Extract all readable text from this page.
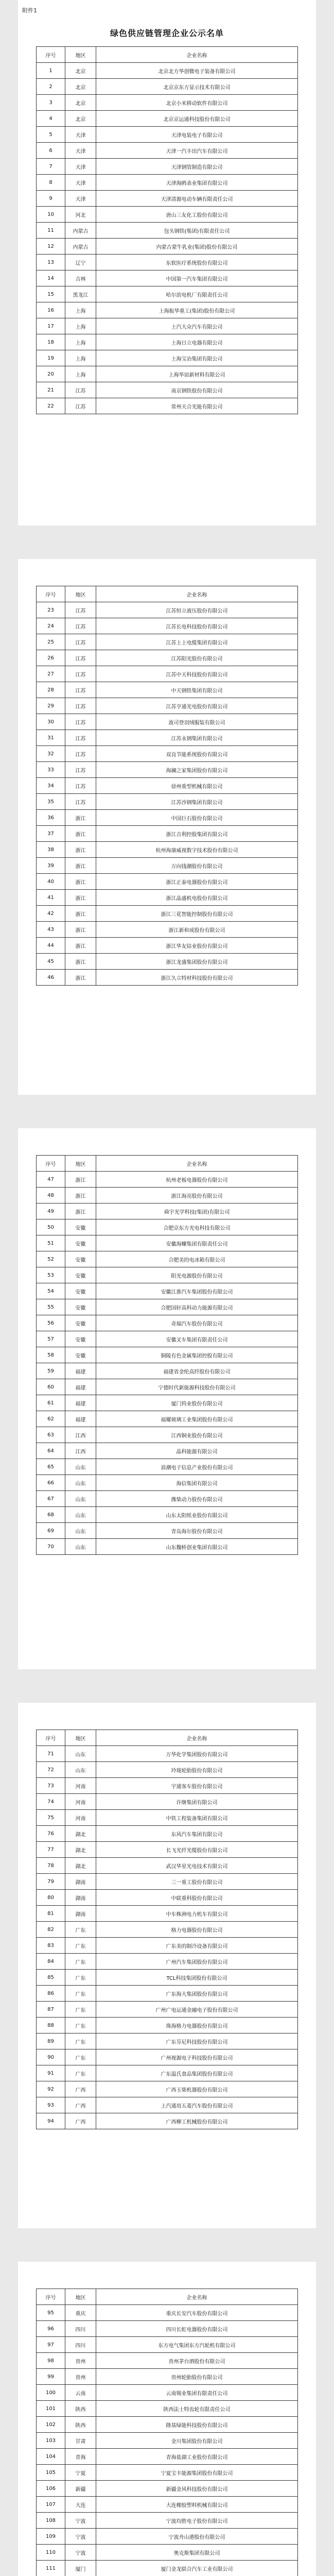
附件1
绿色供应链管理企业公示名单
序号	地区	企业名称
1	北京	北京北方华创微电子装备有限公司
2	北京	北京京东方显示技术有限公司
3	北京	北京小米移动软件有限公司
4	北京	北京京运通科技股份有限公司
5	天津	天津电装电子有限公司
6	天津	天津一汽丰田汽车有限公司
7	天津	天津钢管制造有限公司
8	天津	天津海鸥表业集团有限公司
9	天津	天津清源电动车辆有限责任公司
10	河北	唐山三友化工股份有限公司
11	内蒙古	包头钢铁(集团)有限责任公司
12	内蒙古	内蒙古蒙牛乳业(集团)股份有限公司
13	辽宁	东软医疗系统股份有限公司
14	吉林	中国第一汽车集团有限公司
15	黑龙江	哈尔滨电机厂有限责任公司
16	上海	上海振华重工(集团)股份有限公司
17	上海	上汽大众汽车有限公司
18	上海	上海日立电器有限公司
19	上海	上海宝冶集团有限公司
20	上海	上海华谊新材料有限公司
21	江苏	南京钢铁股份有限公司
22	江苏	常州天合光能有限公司
序号	地区	企业名称
23	江苏	江苏恒立液压股份有限公司
24	江苏	江苏长电科技股份有限公司
25	江苏	江苏上上电缆集团有限公司
26	江苏	江苏阳光股份有限公司
27	江苏	江苏中天科技股份有限公司
28	江苏	中天钢铁集团有限公司
29	江苏	江苏亨通光电股份有限公司
30	江苏	波司登羽绒服装有限公司
31	江苏	江苏永钢集团有限公司
32	江苏	双良节能系统股份有限公司
33	江苏	海澜之家集团股份有限公司
34	江苏	徐州重型机械有限公司
35	江苏	江苏沙钢集团有限公司
36	浙江	中国巨石股份有限公司
37	浙江	浙江吉利控股集团有限公司
38	浙江	杭州海康威视数字技术股份有限公司
39	浙江	万向钱潮股份有限公司
40	浙江	浙江正泰电器股份有限公司
41	浙江	浙江晶盛机电股份有限公司
42	浙江	浙江三花智能控制股份有限公司
43	浙江	浙江新和成股份有限公司
44	浙江	浙江华友钴业股份有限公司
45	浙江	浙江龙盛集团股份有限公司
46	浙江	浙江久立特材科技股份有限公司
序号	地区	企业名称
47	浙江	杭州老板电器股份有限公司
48	浙江	浙江海亮股份有限公司
49	浙江	舜宇光学科技(集团)有限公司
50	安徽	合肥京东方光电科技有限公司
51	安徽	安徽海螺集团有限责任公司
52	安徽	合肥美的电冰箱有限公司
53	安徽	阳光电源股份有限公司
54	安徽	安徽江淮汽车集团股份有限公司
55	安徽	合肥国轩高科动力能源有限公司
56	安徽	奇瑞汽车股份有限公司
57	安徽	安徽叉车集团有限责任公司
58	安徽	铜陵有色金属集团控股有限公司
59	福建	福建省金纶高纤股份有限公司
60	福建	宁德时代新能源科技股份有限公司
61	福建	厦门钨业股份有限公司
62	福建	福耀玻璃工业集团股份有限公司
63	江西	江西铜业股份有限公司
64	江西	晶科能源有限公司
65	山东	浪潮电子信息产业股份有限公司
66	山东	海信集团有限公司
67	山东	潍柴动力股份有限公司
68	山东	山东太阳纸业股份有限公司
69	山东	青岛海尔股份有限公司
70	山东	山东魏桥创业集团有限公司
序号	地区	企业名称
71	山东	万华化学集团股份有限公司
72	山东	玲珑轮胎股份有限公司
73	河南	宇通客车股份有限公司
74	河南	许继集团有限公司
75	河南	中铁工程装备集团有限公司
76	湖北	东风汽车集团有限公司
77	湖北	长飞光纤光缆股份有限公司
78	湖北	武汉华星光电技术有限公司
79	湖南	三一重工股份有限公司
80	湖南	中联重科股份有限公司
81	湖南	中车株洲电力机车有限公司
82	广东	格力电器股份有限公司
83	广东	广东美的制冷设备有限公司
84	广东	广州汽车集团股份有限公司
85	广东	TCL科技集团股份有限公司
86	广东	广东海大集团股份有限公司
87	广东	广州广电运通金融电子股份有限公司
88	广东	珠海格力电器股份有限公司
89	广东	广东芬尼科技股份有限公司
90	广东	广州视源电子科技股份有限公司
91	广东	广东温氏食品集团股份有限公司
92	广西	广西玉柴机器股份有限公司
93	广西	上汽通用五菱汽车股份有限公司
94	广西	广西柳工机械股份有限公司
序号	地区	企业名称
95	重庆	重庆长安汽车股份有限公司
96	四川	四川长虹电器股份有限公司
97	四川	东方电气集团东方汽轮机有限公司
98	贵州	贵州茅台酒股份有限公司
99	贵州	贵州轮胎股份有限公司
100	云南	云南锡业集团有限责任公司
101	陕西	陕西法士特齿轮有限责任公司
102	陕西	隆基绿能科技股份有限公司
103	甘肃	金川集团股份有限公司
104	青海	青海盐湖工业股份有限公司
105	宁夏	宁夏宝丰能源集团股份有限公司
106	新疆	新疆金风科技股份有限公司
107	大连	大连橡胶塑料机械有限公司
108	宁波	宁波均胜电子股份有限公司
109	宁波	宁波舟山港股份有限公司
110	宁波	奥克斯集团有限公司
111	厦门	厦门金龙联合汽车工业有限公司
